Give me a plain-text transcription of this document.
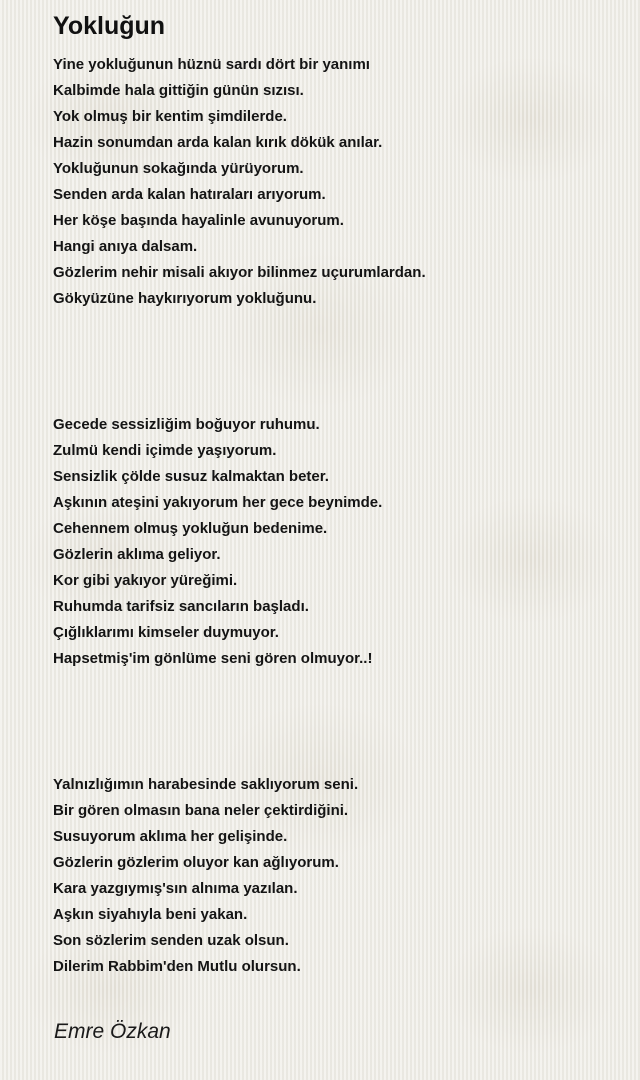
Yokluğun
Yine yokluğunun hüznü sardı dört bir yanımı
Kalbimde hala gittiğin günün sızısı.
Yok olmuş bir kentim şimdilerde.
Hazin sonumdan arda kalan kırık dökük anılar.
Yokluğunun sokağında yürüyorum.
Senden arda kalan hatıraları arıyorum.
Her köşe başında hayalinle avunuyorum.
Hangi anıya dalsam.
Gözlerim nehir misali akıyor bilinmez uçurumlardan.
Gökyüzüne haykırıyorum yokluğunu.
Gecede sessizliğim boğuyor ruhumu.
Zulmü kendi içimde yaşıyorum.
Sensizlik çölde susuz kalmaktan beter.
Aşkının ateşini yakıyorum her gece beynimde.
Cehennem olmuş yokluğun bedenime.
Gözlerin aklıma geliyor.
Kor gibi yakıyor yüreğimi.
Ruhumda tarifsiz sancıların başladı.
Çığlıklarımı kimseler duymuyor.
Hapsetmiş'im gönlüme seni gören olmuyor..!
Yalnızlığımın harabesinde saklıyorum seni.
Bir gören olmasın bana neler çektirdiğini.
Susuyorum aklıma her gelişinde.
Gözlerin gözlerim oluyor kan ağlıyorum.
Kara yazgıymış'sın alnıma yazılan.
Aşkın siyahıyla beni yakan.
Son sözlerim senden uzak olsun.
Dilerim Rabbim'den Mutlu olursun.

Emre Özkan
